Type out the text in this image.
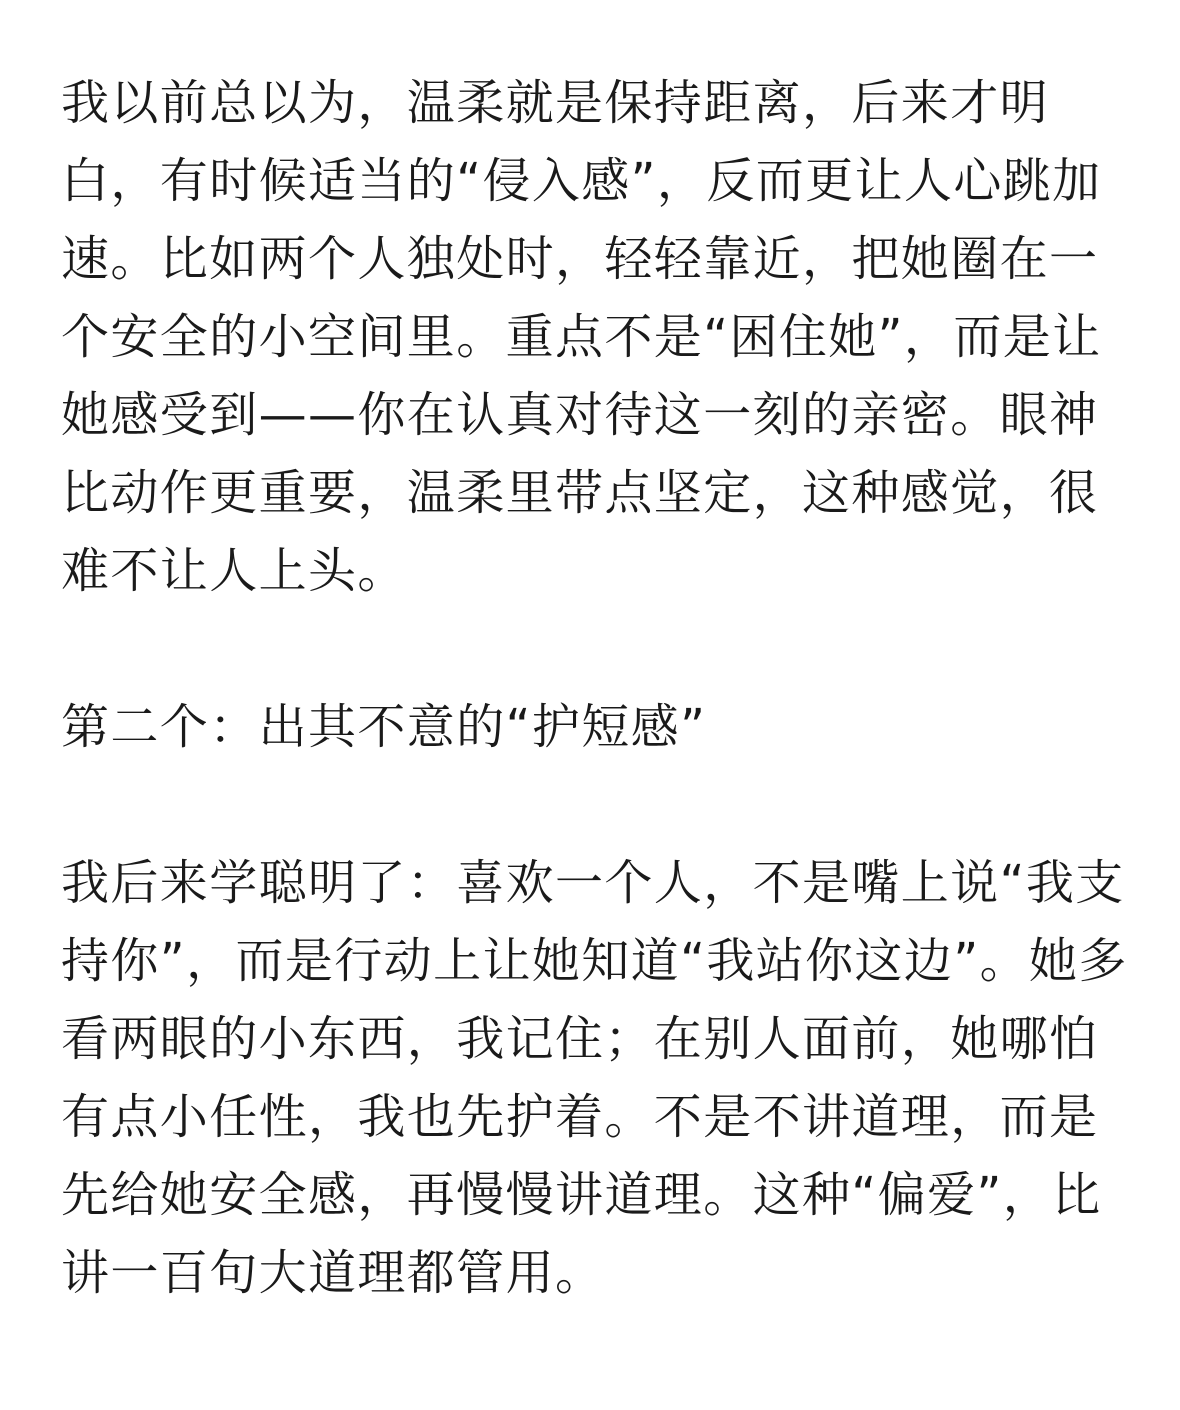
我以前总以为，温柔就是保持距离，后来才明白，有时候适当的“侵入感”，反而更让人心跳加速。比如两个人独处时，轻轻靠近，把她圈在一个安全的小空间里。重点不是“困住她”，而是让她感受到——你在认真对待这一刻的亲密。眼神比动作更重要，温柔里带点坚定，这种感觉，很难不让人上头。

第二个：出其不意的“护短感”

我后来学聪明了：喜欢一个人，不是嘴上说“我支持你”，而是行动上让她知道“我站你这边”。她多看两眼的小东西，我记住；在别人面前，她哪怕有点小任性，我也先护着。不是不讲道理，而是先给她安全感，再慢慢讲道理。这种“偏爱”，比讲一百句大道理都管用。
